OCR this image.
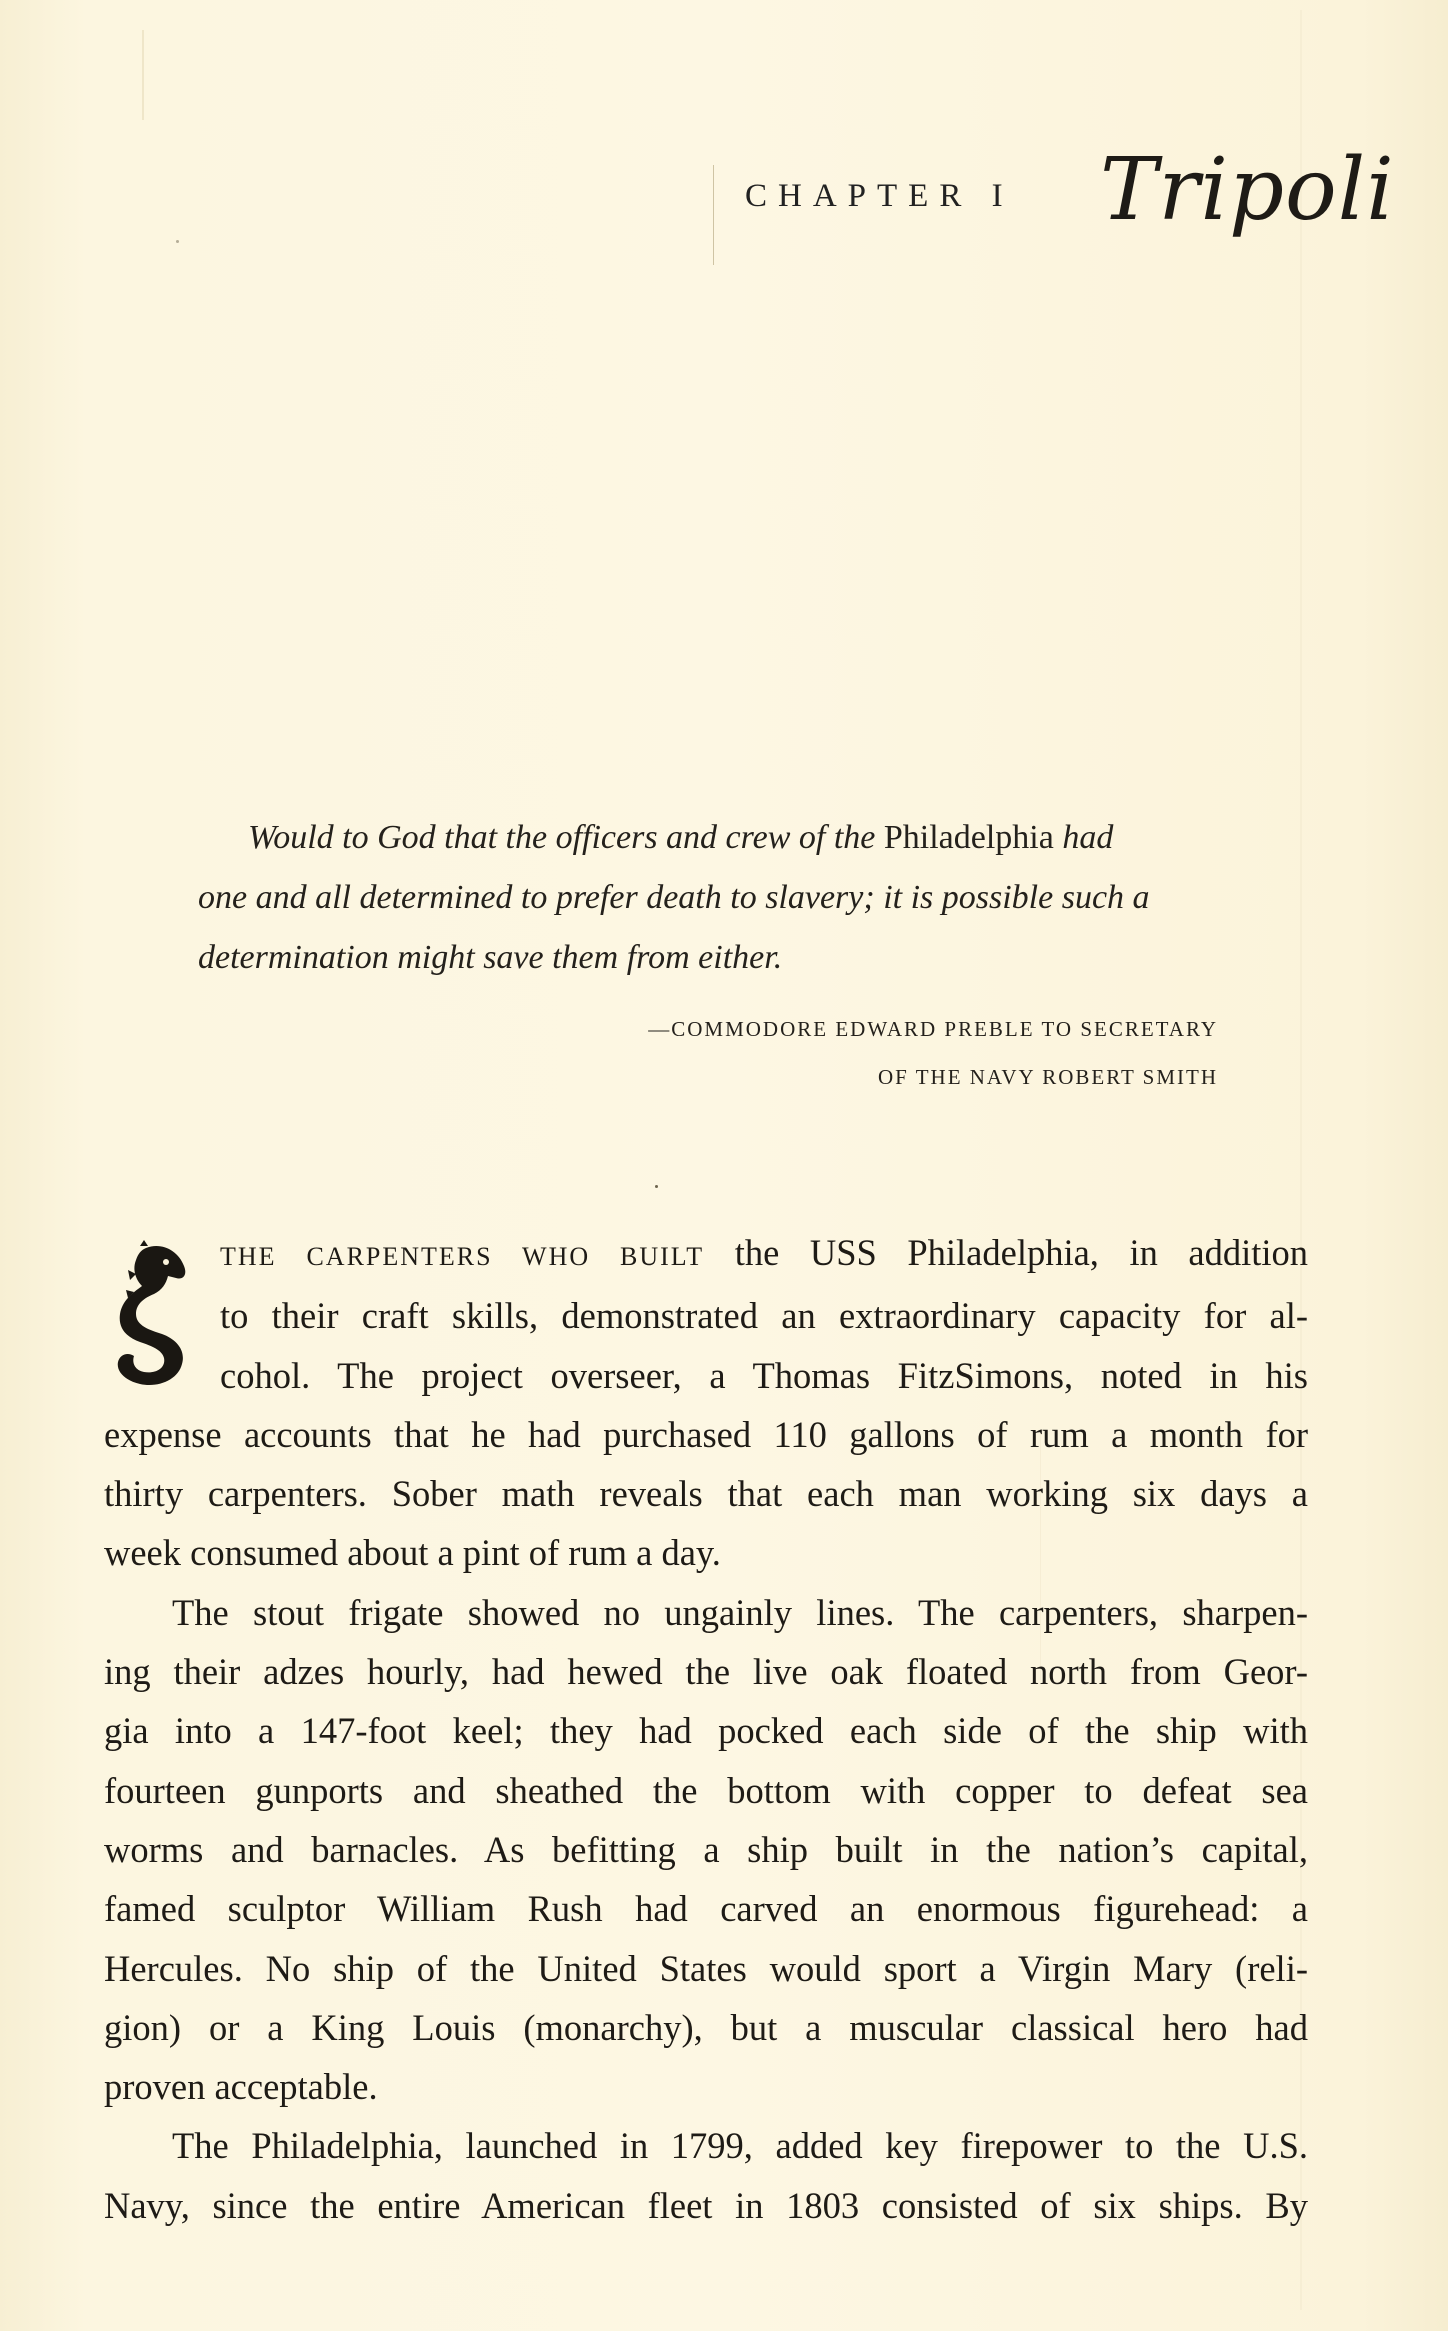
CHAPTER I Tripoli
Would to God that the officers and crew of the Philadelphia had
one and all determined to prefer death to slavery; it is possible such a
determination might save them from either.
—COMMODORE EDWARD PREBLE TO SECRETARY
OF THE NAVY ROBERT SMITH
THE CARPENTERS WHO BUILT the USS Philadelphia, in addition
to their craft skills, demonstrated an extraordinary capacity for al-
cohol. The project overseer, a Thomas FitzSimons, noted in his
expense accounts that he had purchased 110 gallons of rum a month for
thirty carpenters. Sober math reveals that each man working six days a
week consumed about a pint of rum a day.
The stout frigate showed no ungainly lines. The carpenters, sharpen-
ing their adzes hourly, had hewed the live oak floated north from Geor-
gia into a 147-foot keel; they had pocked each side of the ship with
fourteen gunports and sheathed the bottom with copper to defeat sea
worms and barnacles. As befitting a ship built in the nation’s capital,
famed sculptor William Rush had carved an enormous figurehead: a
Hercules. No ship of the United States would sport a Virgin Mary (reli-
gion) or a King Louis (monarchy), but a muscular classical hero had
proven acceptable.
The Philadelphia, launched in 1799, added key firepower to the U.S.
Navy, since the entire American fleet in 1803 consisted of six ships. By
